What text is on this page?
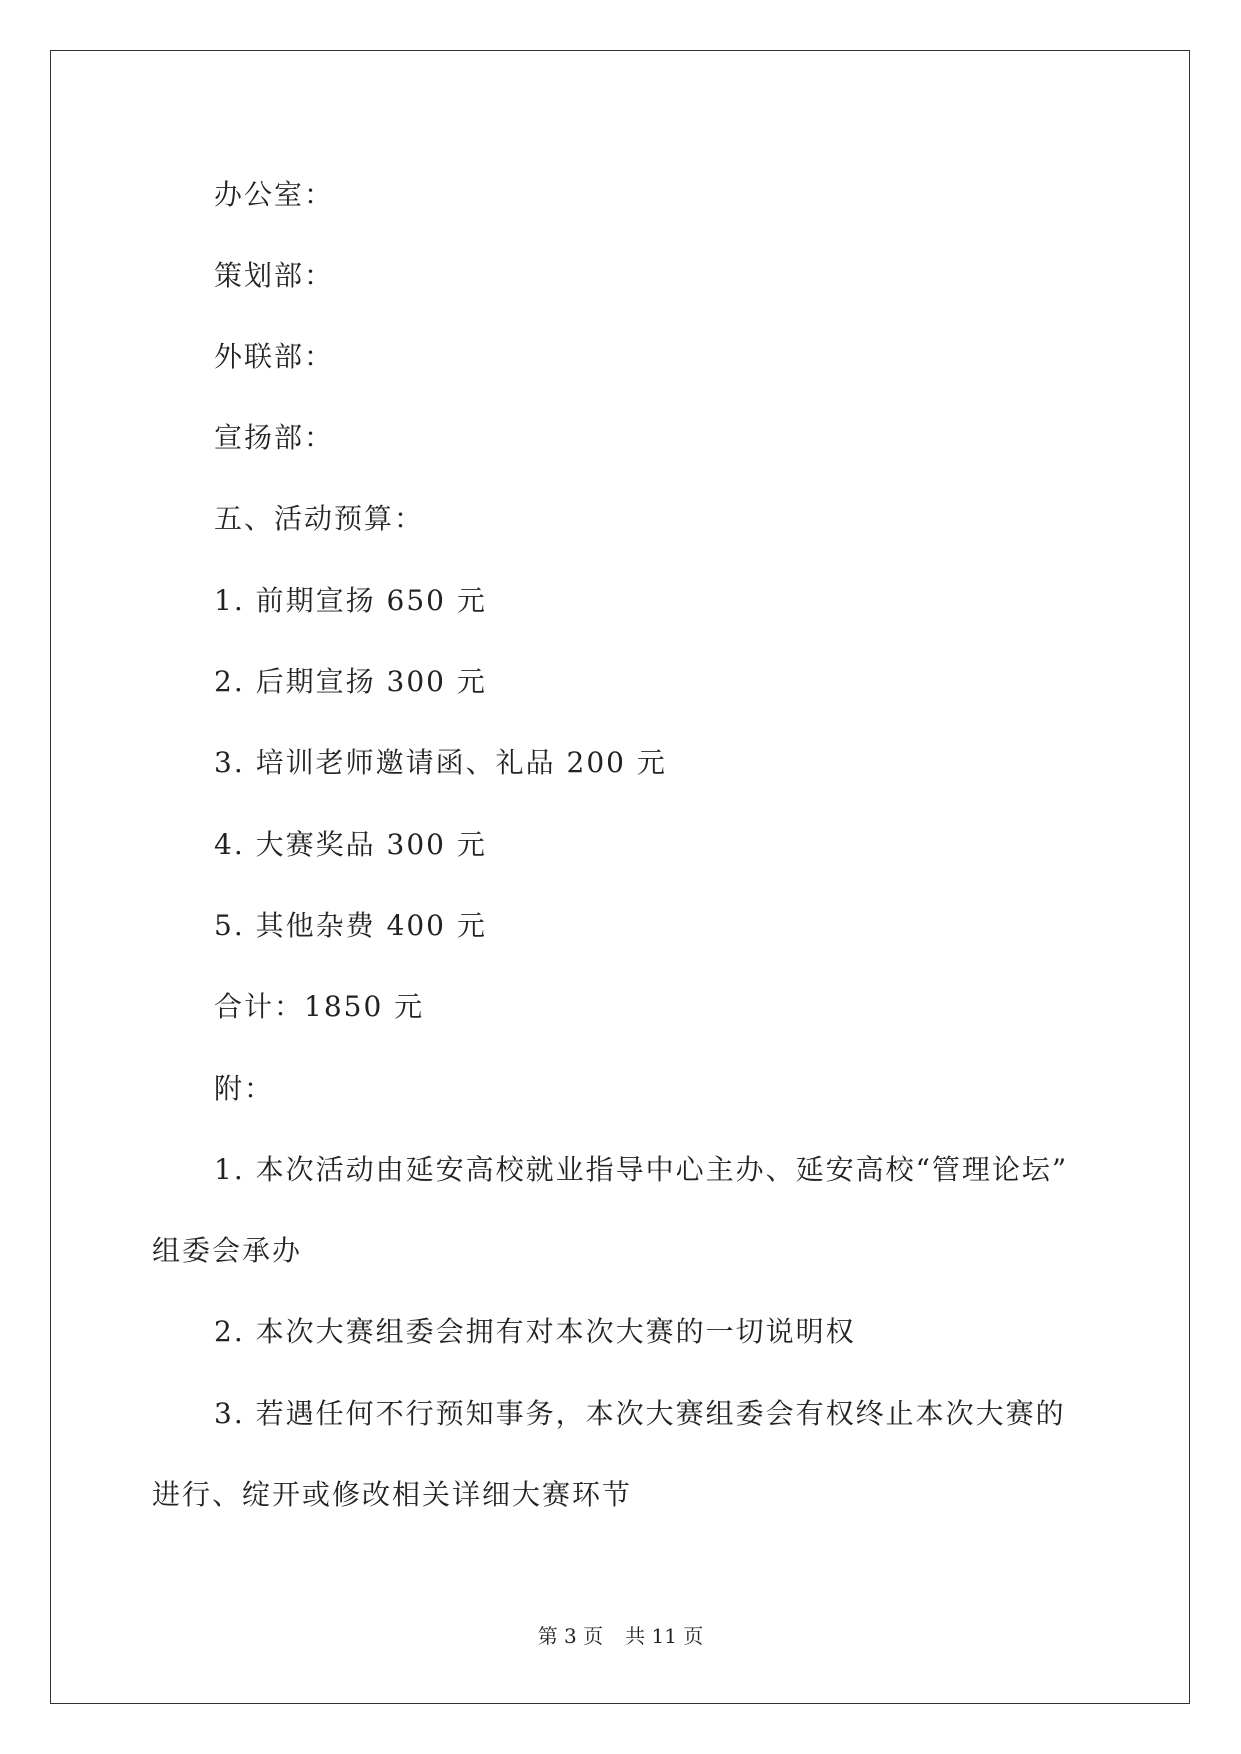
办公室：
策划部：
外联部：
宣扬部：
五、活动预算：
1. 前期宣扬 650 元
2. 后期宣扬 300 元
3. 培训老师邀请函、礼品 200 元
4. 大赛奖品 300 元
5. 其他杂费 400 元
合计：1850 元
附：
1. 本次活动由延安高校就业指导中心主办、延安高校“管理论坛”
组委会承办
2. 本次大赛组委会拥有对本次大赛的一切说明权
3. 若遇任何不行预知事务，本次大赛组委会有权终止本次大赛的
进行、绽开或修改相关详细大赛环节
第 3 页 共 11 页
